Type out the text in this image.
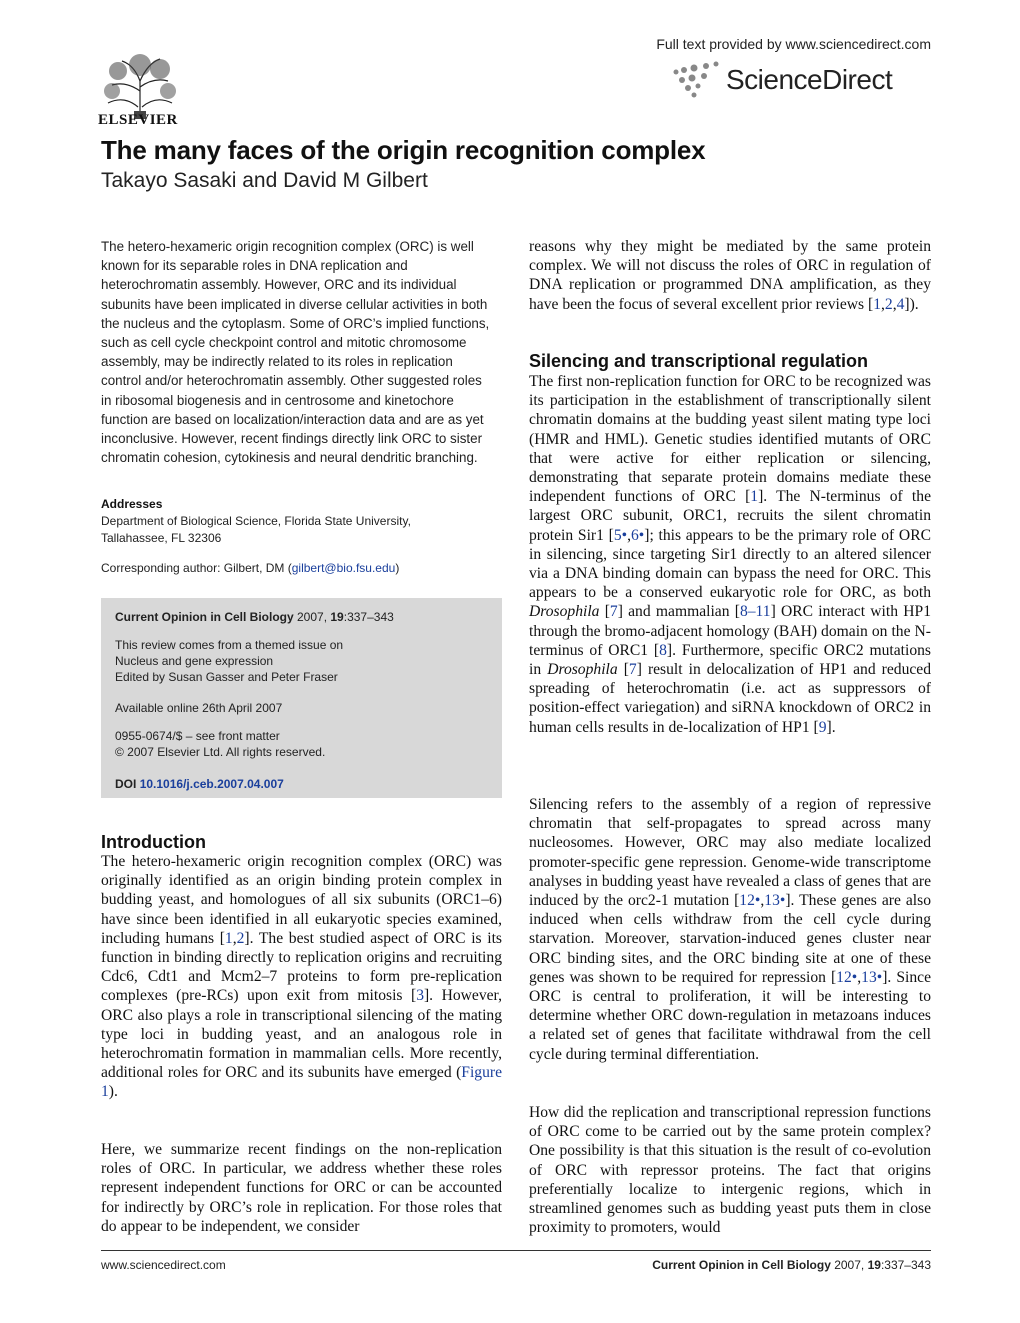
ELSEVIER
Full text provided by www.sciencedirect.com
ScienceDirect
The many faces of the origin recognition complex
Takayo Sasaki and David M Gilbert
The hetero-hexameric origin recognition complex (ORC) is well known for its separable roles in DNA replication and heterochromatin assembly. However, ORC and its individual subunits have been implicated in diverse cellular activities in both the nucleus and the cytoplasm. Some of ORC’s implied functions, such as cell cycle checkpoint control and mitotic chromosome assembly, may be indirectly related to its roles in replication control and/or heterochromatin assembly. Other suggested roles in ribosomal biogenesis and in centrosome and kinetochore function are based on localization/interaction data and are as yet inconclusive. However, recent findings directly link ORC to sister chromatin cohesion, cytokinesis and neural dendritic branching.
Addresses
Department of Biological Science, Florida State University,
Tallahassee, FL 32306
Corresponding author: Gilbert, DM (gilbert@bio.fsu.edu)
Current Opinion in Cell Biology 2007, 19:337–343
This review comes from a themed issue on
Nucleus and gene expression
Edited by Susan Gasser and Peter Fraser
Available online 26th April 2007
0955-0674/$ – see front matter
© 2007 Elsevier Ltd. All rights reserved.
DOI 10.1016/j.ceb.2007.04.007
Introduction
The hetero-hexameric origin recognition complex (ORC) was originally identified as an origin binding protein complex in budding yeast, and homologues of all six subunits (ORC1–6) have since been identified in all eukaryotic species examined, including humans [1,2]. The best studied aspect of ORC is its function in binding directly to replication origins and recruiting Cdc6, Cdt1 and Mcm2–7 proteins to form pre-replication complexes (pre-RCs) upon exit from mitosis [3]. However, ORC also plays a role in transcriptional silencing of the mating type loci in budding yeast, and an analogous role in heterochromatin formation in mammalian cells. More recently, additional roles for ORC and its subunits have emerged (Figure 1).
Here, we summarize recent findings on the non-replication roles of ORC. In particular, we address whether these roles represent independent functions for ORC or can be accounted for indirectly by ORC’s role in replication. For those roles that do appear to be independent, we consider
reasons why they might be mediated by the same protein complex. We will not discuss the roles of ORC in regulation of DNA replication or programmed DNA amplification, as they have been the focus of several excellent prior reviews [1,2,4]).
Silencing and transcriptional regulation
The first non-replication function for ORC to be recognized was its participation in the establishment of transcriptionally silent chromatin domains at the budding yeast silent mating type loci (HMR and HML). Genetic studies identified mutants of ORC that were active for either replication or silencing, demonstrating that separate protein domains mediate these independent functions of ORC [1]. The N-terminus of the largest ORC subunit, ORC1, recruits the silent chromatin protein Sir1 [5•,6•]; this appears to be the primary role of ORC in silencing, since targeting Sir1 directly to an altered silencer via a DNA binding domain can bypass the need for ORC. This appears to be a conserved eukaryotic role for ORC, as both Drosophila [7] and mammalian [8–11] ORC interact with HP1 through the bromo-adjacent homology (BAH) domain on the N-terminus of ORC1 [8]. Furthermore, specific ORC2 mutations in Drosophila [7] result in delocalization of HP1 and reduced spreading of heterochromatin (i.e. act as suppressors of position-effect variegation) and siRNA knockdown of ORC2 in human cells results in de-localization of HP1 [9].
Silencing refers to the assembly of a region of repressive chromatin that self-propagates to spread across many nucleosomes. However, ORC may also mediate localized promoter-specific gene repression. Genome-wide transcriptome analyses in budding yeast have revealed a class of genes that are induced by the orc2-1 mutation [12•,13•]. These genes are also induced when cells withdraw from the cell cycle during starvation. Moreover, starvation-induced genes cluster near ORC binding sites, and the ORC binding site at one of these genes was shown to be required for repression [12•,13•]. Since ORC is central to proliferation, it will be interesting to determine whether ORC down-regulation in metazoans induces a related set of genes that facilitate withdrawal from the cell cycle during terminal differentiation.
How did the replication and transcriptional repression functions of ORC come to be carried out by the same protein complex? One possibility is that this situation is the result of co-evolution of ORC with repressor proteins. The fact that origins preferentially localize to intergenic regions, which in streamlined genomes such as budding yeast puts them in close proximity to promoters, would
www.sciencedirect.com	Current Opinion in Cell Biology 2007, 19:337–343
